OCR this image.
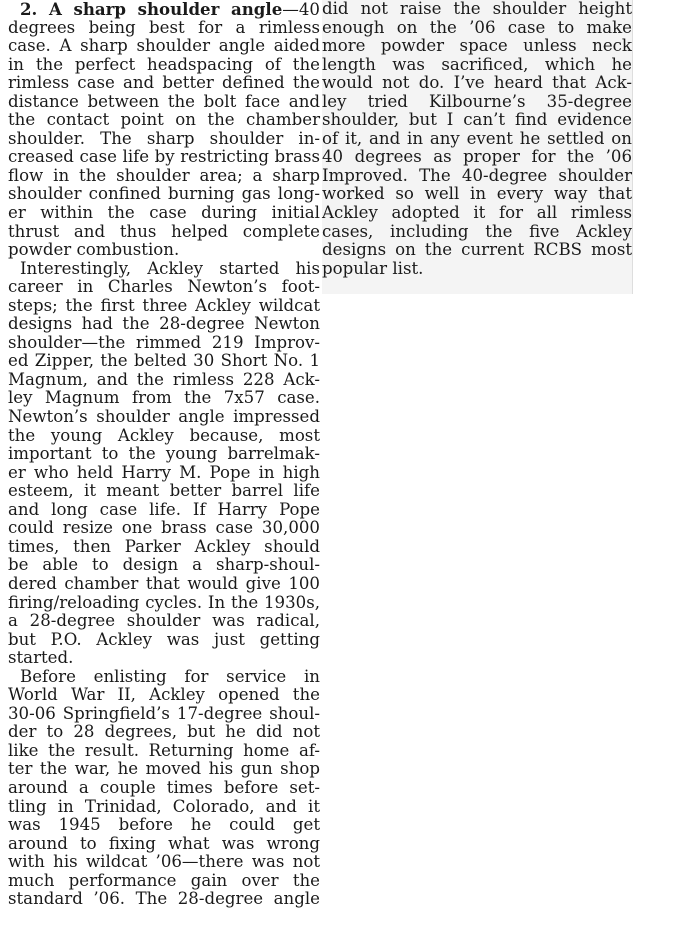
2. A sharp shoulder angle—40
degrees being best for a rimless
case. A sharp shoulder angle aided
in the perfect headspacing of the
rimless case and better defined the
distance between the bolt face and
the contact point on the chamber
shoulder. The sharp shoulder in-
creased case life by restricting brass
flow in the shoulder area; a sharp
shoulder confined burning gas long-
er within the case during initial
thrust and thus helped complete
powder combustion.
Interestingly, Ackley started his
career in Charles Newton’s foot-
steps; the first three Ackley wildcat
designs had the 28-degree Newton
shoulder—the rimmed 219 Improv-
ed Zipper, the belted 30 Short No. 1
Magnum, and the rimless 228 Ack-
ley Magnum from the 7x57 case.
Newton’s shoulder angle impressed
the young Ackley because, most
important to the young barrelmak-
er who held Harry M. Pope in high
esteem, it meant better barrel life
and long case life. If Harry Pope
could resize one brass case 30,000
times, then Parker Ackley should
be able to design a sharp-shoul-
dered chamber that would give 100
firing/reloading cycles. In the 1930s,
a 28-degree shoulder was radical,
but P.O. Ackley was just getting
started.
Before enlisting for service in
World War II, Ackley opened the
30-06 Springfield’s 17-degree shoul-
der to 28 degrees, but he did not
like the result. Returning home af-
ter the war, he moved his gun shop
around a couple times before set-
tling in Trinidad, Colorado, and it
was 1945 before he could get
around to fixing what was wrong
with his wildcat ’06—there was not
much performance gain over the
standard ’06. The 28-degree angle
did not raise the shoulder height
enough on the ’06 case to make
more powder space unless neck
length was sacrificed, which he
would not do. I’ve heard that Ack-
ley tried Kilbourne’s 35-degree
shoulder, but I can’t find evidence
of it, and in any event he settled on
40 degrees as proper for the ’06
Improved. The 40-degree shoulder
worked so well in every way that
Ackley adopted it for all rimless
cases, including the five Ackley
designs on the current RCBS most
popular list.
